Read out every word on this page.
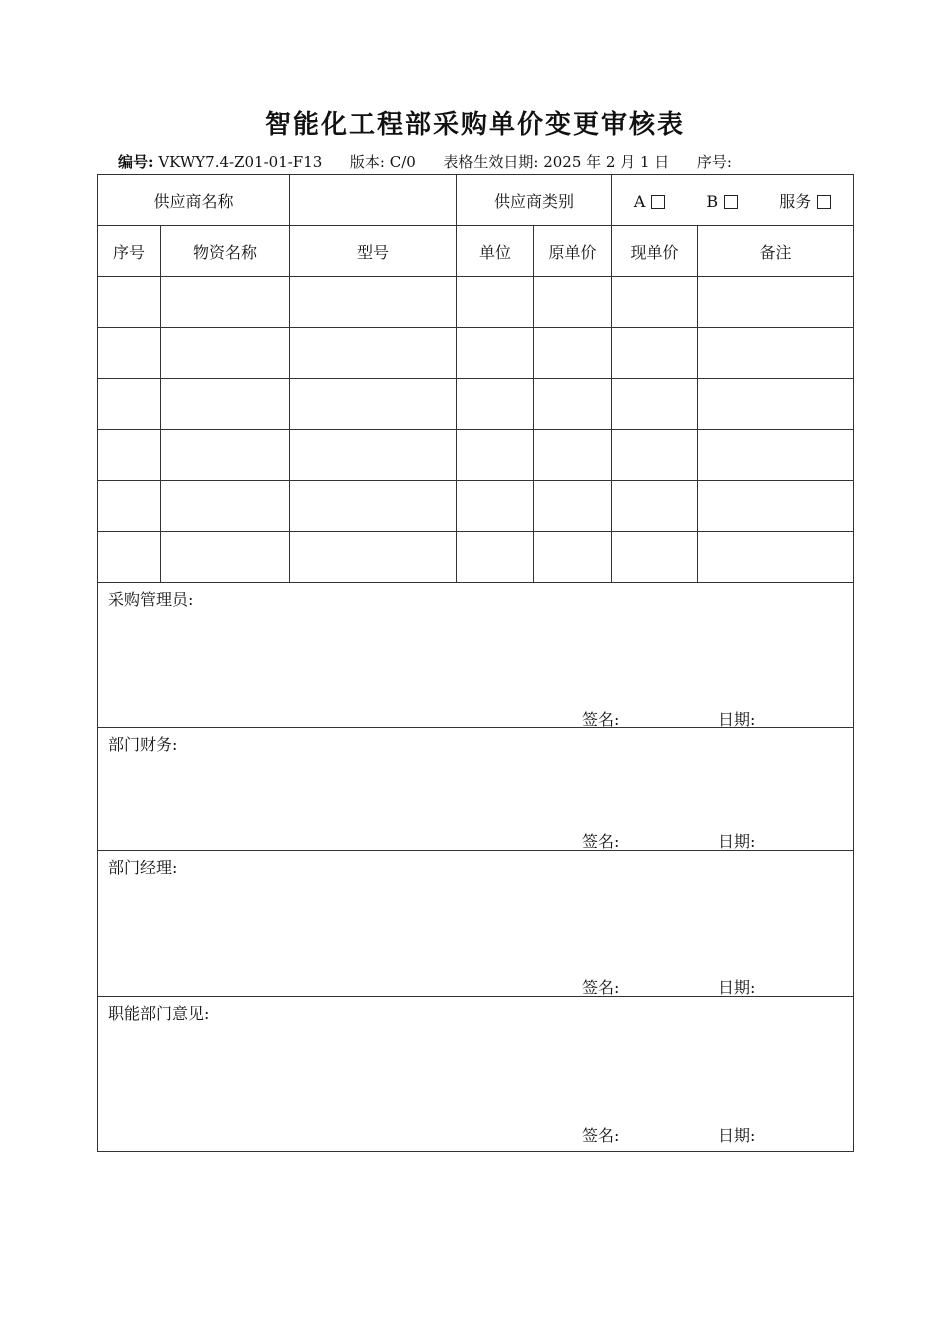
智能化工程部采购单价变更审核表
编号: VKWY7.4-Z01-01-F13 版本: C/0 表格生效日期: 2025 年 2 月 1 日 序号:
供应商名称			供应商类别		A B 服务	
序号	物资名称	型号	单位	原单价	现单价	备注

采购管理员:
签名: 日期:						

部门财务:
签名: 日期:						

部门经理:
签名: 日期:						

职能部门意见:
签名: 日期:						
